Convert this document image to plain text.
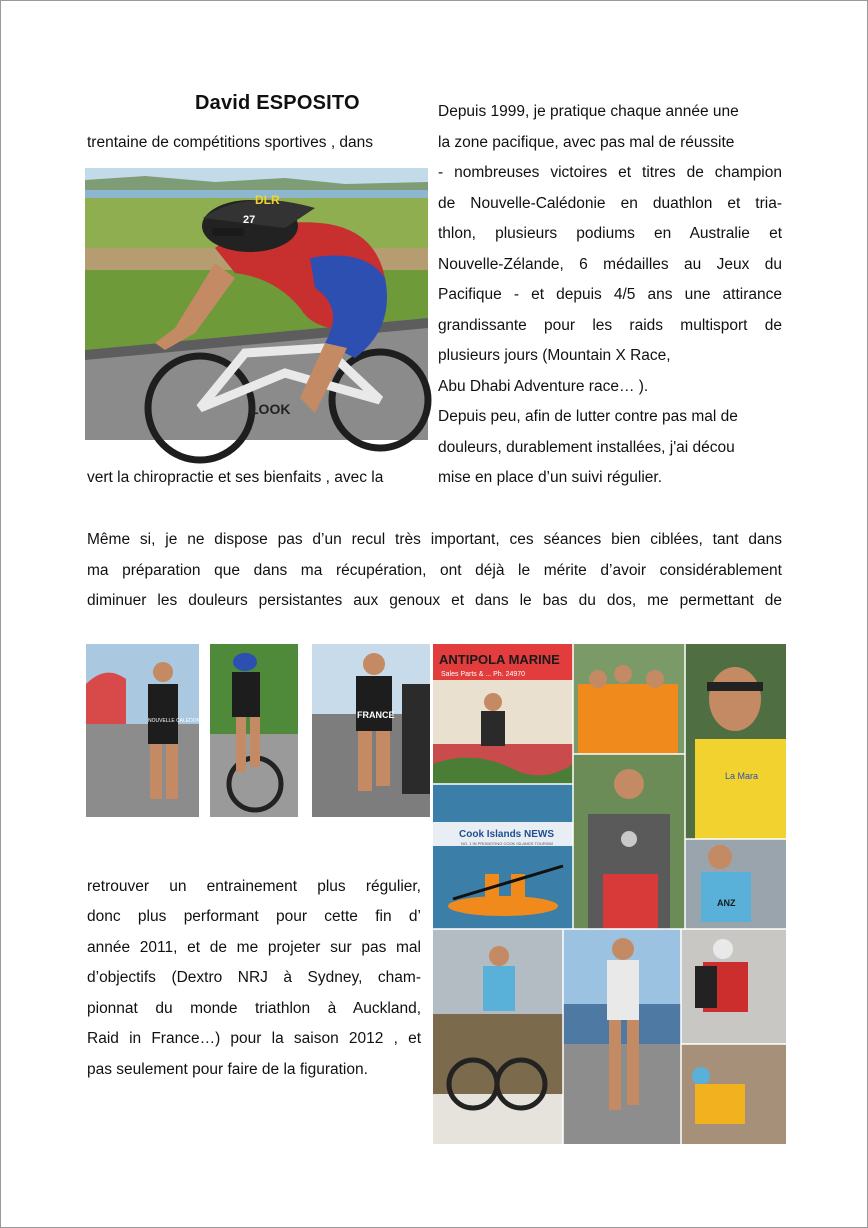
David ESPOSITO	Depuis 1999, je pratique chaque année une
la zone pacifique, avec pas mal de réussite
- nombreuses victoires et titres de champion
de Nouvelle-Calédonie en duathlon et tria-
thlon, plusieurs podiums en Australie et
Nouvelle-Zélande, 6 médailles au Jeux du
Pacifique - et depuis 4/5 ans une attirance
grandissante pour les raids multisport de
plusieurs jours (Mountain X Race,
Abu Dhabi Adventure race… ).
Depuis peu, afin de lutter contre pas mal de
douleurs, durablement installées, j'ai décou
mise en place d’un suivi régulier.
trentaine de compétitions sportives , dans
vert la chiropractie et ses bienfaits , avec la
Même si, je ne dispose pas d’un recul très important, ces séances bien ciblées, tant dans
ma préparation que dans ma récupération, ont déjà le mérite d’avoir considérablement
diminuer les douleurs persistantes aux genoux et dans le bas du dos, me permettant de
retrouver un entrainement plus régulier,
donc plus performant pour cette fin d’
année 2011, et de me projeter sur pas mal
d’objectifs (Dextro NRJ à Sydney, cham-
pionnat du monde triathlon à Auckland,
Raid in France…) pour la saison 2012 , et
pas seulement pour faire de la figuration.
LOOK
DLR
27
NOUVELLE CALÉDONIE
FRANCE
ANTIPOLA MARINE
Sales Parts & ... Ph. 24970
La Mara
Cook Islands NEWS
NO. 1 IN PROMOTING COOK ISLANDS TOURISM
ANZ
